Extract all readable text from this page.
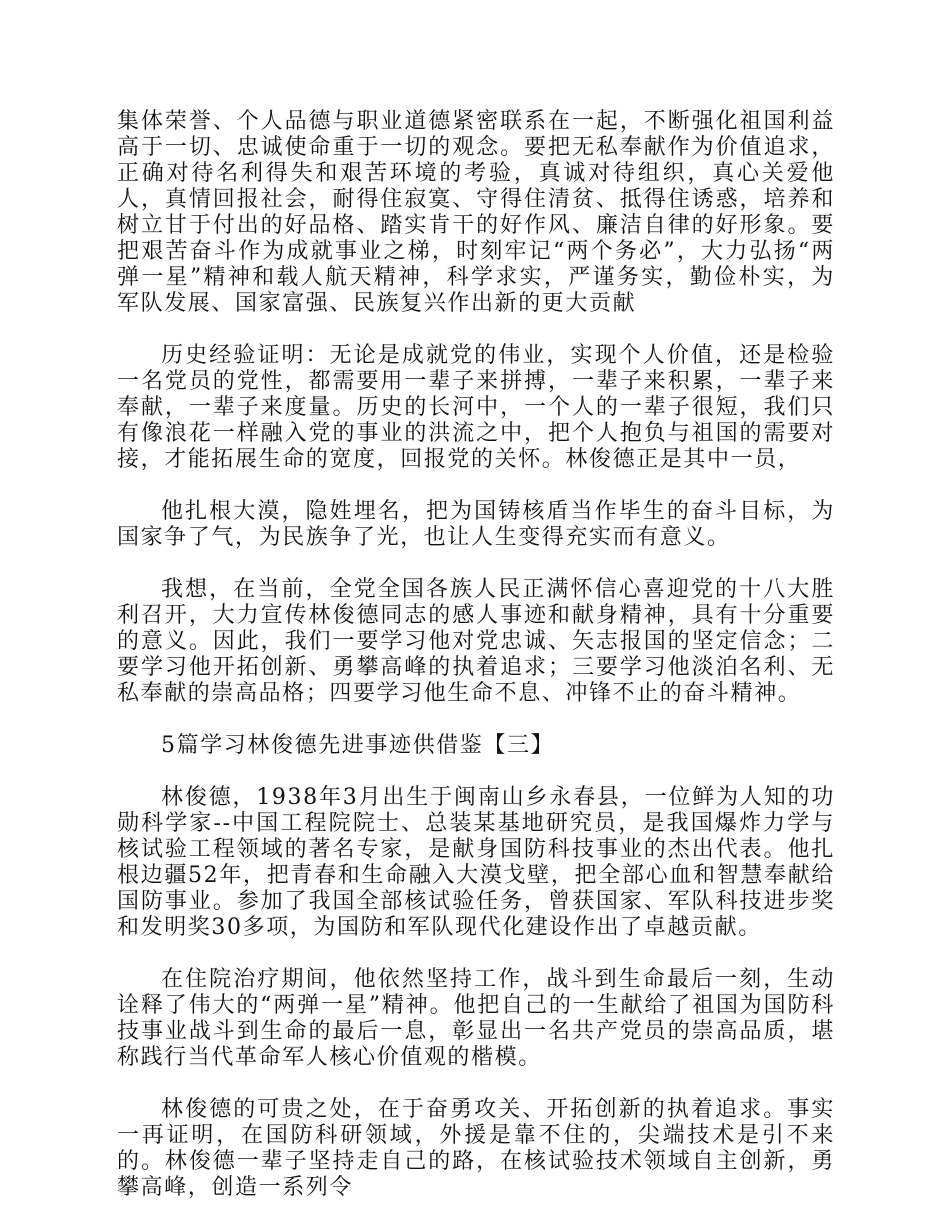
集体荣誉、个人品德与职业道德紧密联系在一起，不断强化祖国利益高于一切、忠诚使命重于一切的观念。要把无私奉献作为价值追求，正确对待名利得失和艰苦环境的考验，真诚对待组织，真心关爱他人，真情回报社会，耐得住寂寞、守得住清贫、抵得住诱惑，培养和树立甘于付出的好品格、踏实肯干的好作风、廉洁自律的好形象。要把艰苦奋斗作为成就事业之梯，时刻牢记“两个务必”，大力弘扬“两弹一星”精神和载人航天精神，科学求实，严谨务实，勤俭朴实，为军队发展、国家富强、民族复兴作出新的更大贡献

历史经验证明：无论是成就党的伟业，实现个人价值，还是检验一名党员的党性，都需要用一辈子来拼搏，一辈子来积累，一辈子来奉献，一辈子来度量。历史的长河中，一个人的一辈子很短，我们只有像浪花一样融入党的事业的洪流之中，把个人抱负与祖国的需要对接，才能拓展生命的宽度，回报党的关怀。林俊德正是其中一员，

他扎根大漠，隐姓埋名，把为国铸核盾当作毕生的奋斗目标，为国家争了气，为民族争了光，也让人生变得充实而有意义。

我想，在当前，全党全国各族人民正满怀信心喜迎党的十八大胜利召开，大力宣传林俊德同志的感人事迹和献身精神，具有十分重要的意义。因此，我们一要学习他对党忠诚、矢志报国的坚定信念；二要学习他开拓创新、勇攀高峰的执着追求；三要学习他淡泊名利、无私奉献的崇高品格；四要学习他生命不息、冲锋不止的奋斗精神。

5篇学习林俊德先进事迹供借鉴【三】

林俊德，1938年3月出生于闽南山乡永春县，一位鲜为人知的功勋科学家--中国工程院院士、总装某基地研究员，是我国爆炸力学与核试验工程领域的著名专家，是献身国防科技事业的杰出代表。他扎根边疆52年，把青春和生命融入大漠戈壁，把全部心血和智慧奉献给国防事业。参加了我国全部核试验任务，曾获国家、军队科技进步奖和发明奖30多项，为国防和军队现代化建设作出了卓越贡献。

在住院治疗期间，他依然坚持工作，战斗到生命最后一刻，生动诠释了伟大的“两弹一星”精神。他把自己的一生献给了祖国为国防科技事业战斗到生命的最后一息，彰显出一名共产党员的崇高品质，堪称践行当代革命军人核心价值观的楷模。

林俊德的可贵之处，在于奋勇攻关、开拓创新的执着追求。事实一再证明，在国防科研领域，外援是靠不住的，尖端技术是引不来的。林俊德一辈子坚持走自己的路，在核试验技术领域自主创新，勇攀高峰，创造一系列令
